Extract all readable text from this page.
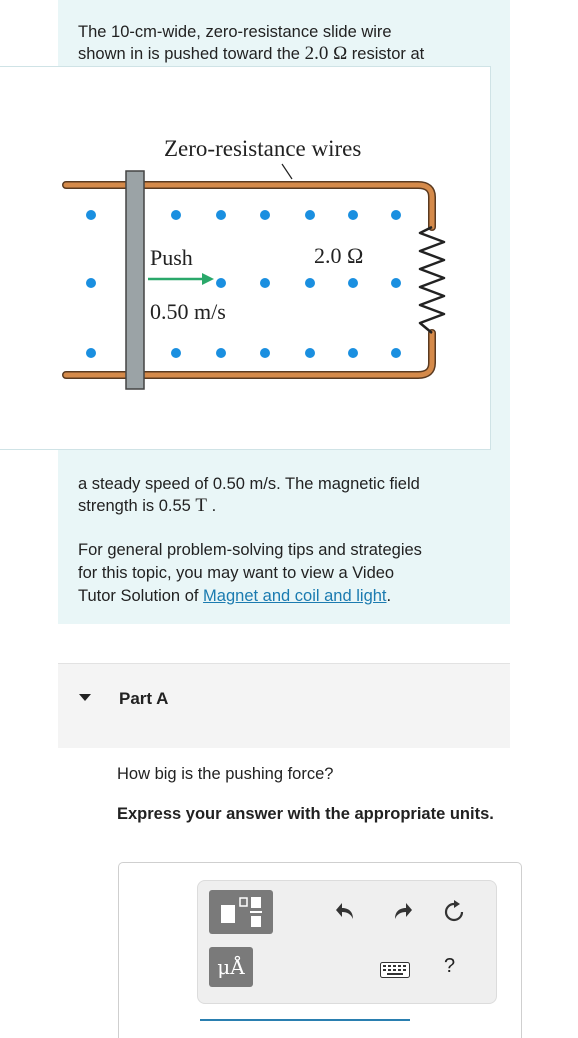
The 10-cm-wide, zero-resistance slide wire

shown in is pushed toward the 2.0 Ω resistor at

Zero-resistance wires
Push
0.50 m/s
2.0 Ω

a steady speed of 0.50 m/s. The magnetic field

strength is 0.55 T .

For general problem-solving tips and strategies

for this topic, you may want to view a Video

Tutor Solution of Magnet and coil and light.

Part A
How big is the pushing force?
Express your answer with the appropriate units.
μÅ	?
